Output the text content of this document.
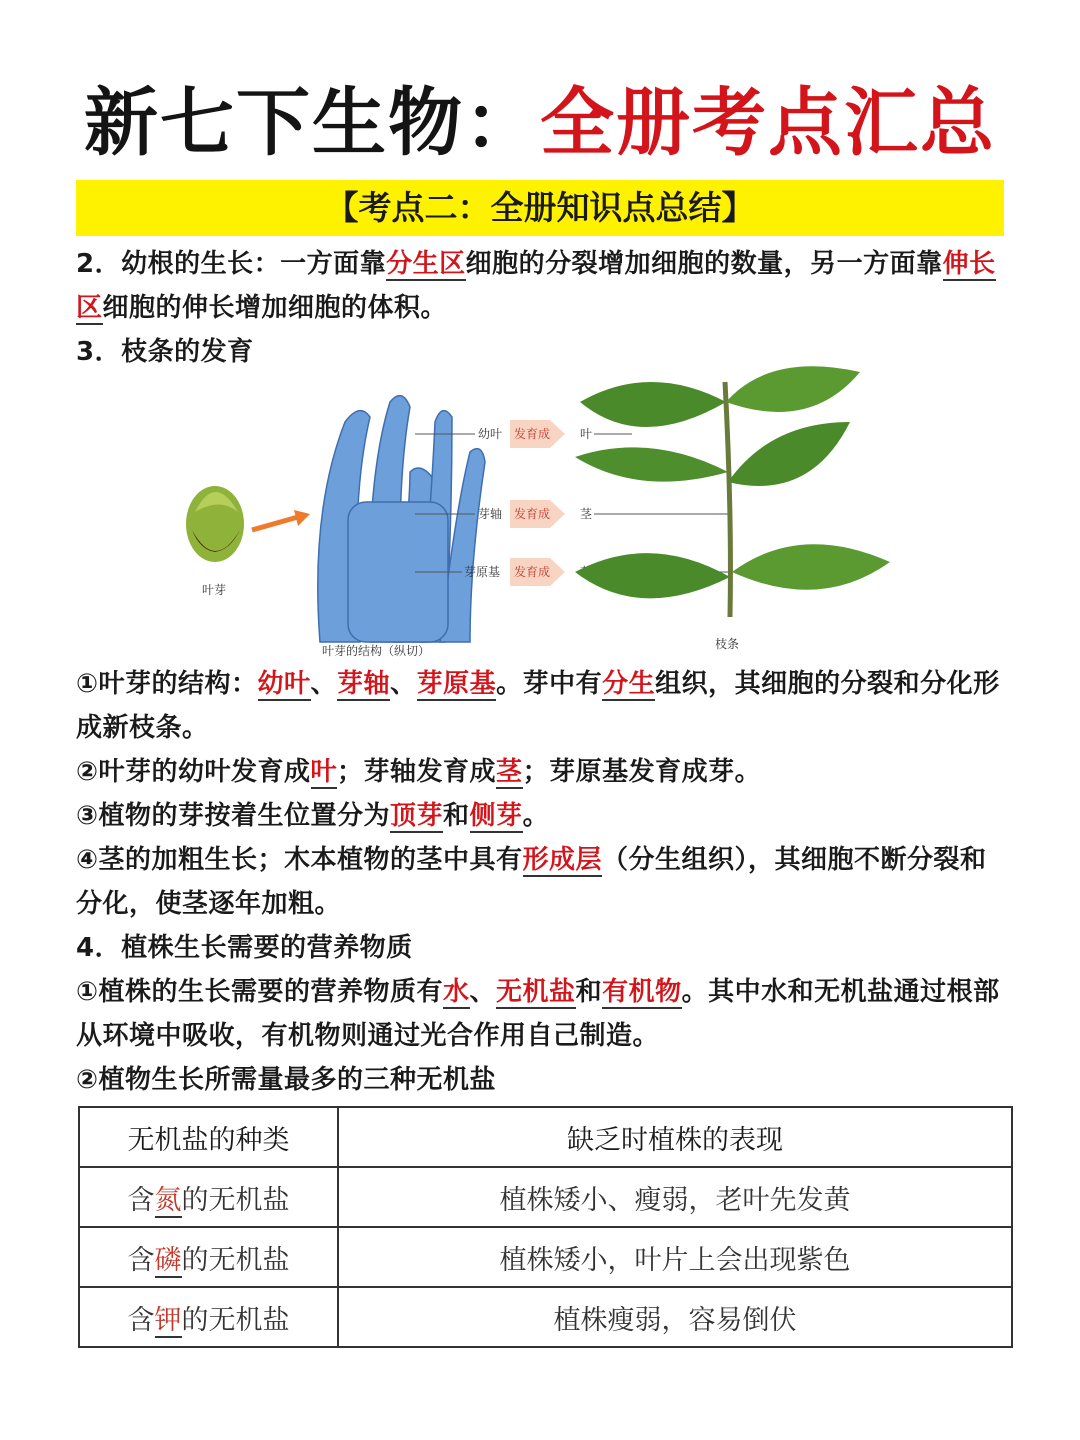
新七下生物：全册考点汇总
【考点二：全册知识点总结】

2．幼根的生长：一方面靠分生区细胞的分裂增加细胞的数量，另一方面靠伸长区细胞的伸长增加细胞的体积。

3．枝条的发育

叶芽
叶芽的结构（纵切）
幼叶 发育成 叶
芽轴 发育成 茎
芽原基 发育成
枝条

①叶芽的结构：幼叶、芽轴、芽原基。芽中有分生组织，其细胞的分裂和分化形成新枝条。

②叶芽的幼叶发育成叶；芽轴发育成茎；芽原基发育成芽。

③植物的芽按着生位置分为顶芽和侧芽。

④茎的加粗生长；木本植物的茎中具有形成层（分生组织），其细胞不断分裂和分化，使茎逐年加粗。

4．植株生长需要的营养物质

①植株的生长需要的营养物质有水、无机盐和有机物。其中水和无机盐通过根部从环境中吸收，有机物则通过光合作用自己制造。

②植物生长所需量最多的三种无机盐

无机盐的种类	缺乏时植株的表现
含氮的无机盐	植株矮小、瘦弱，老叶先发黄
含磷的无机盐	植株矮小，叶片上会出现紫色
含钾的无机盐	植株瘦弱，容易倒伏
